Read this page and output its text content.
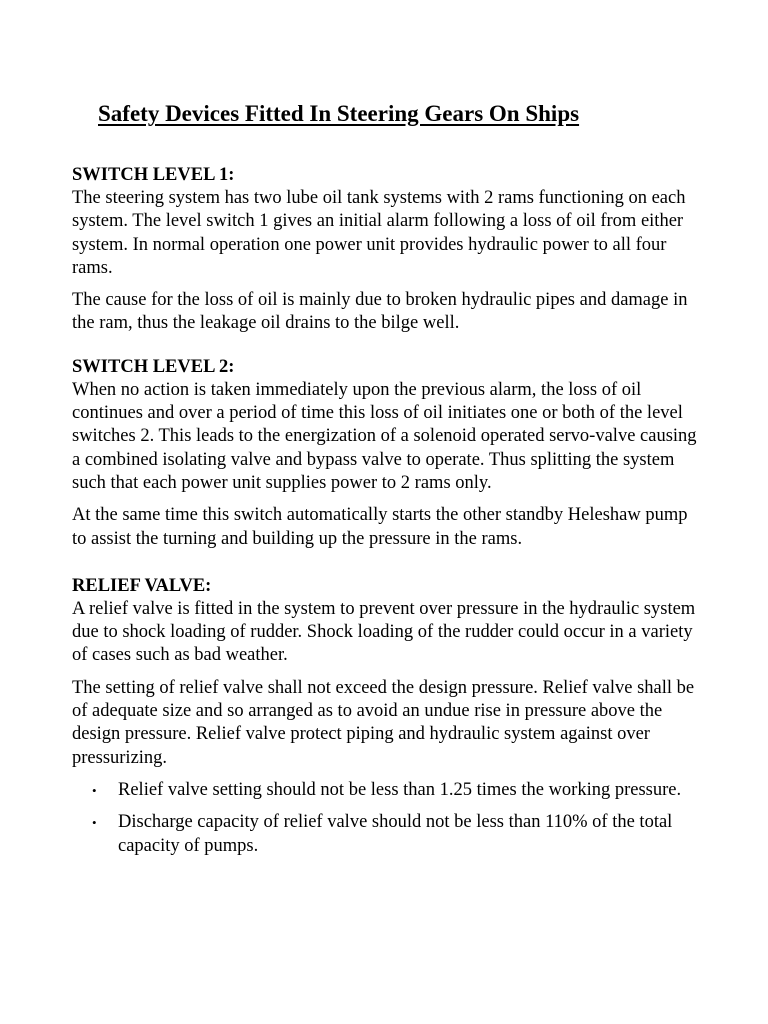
Safety Devices Fitted In Steering Gears On Ships
SWITCH LEVEL 1:

The steering system has two lube oil tank systems with 2 rams functioning on each system. The level switch 1 gives an initial alarm following a loss of oil from either system. In normal operation one power unit provides hydraulic power to all four rams.

The cause for the loss of oil is mainly due to broken hydraulic pipes and damage in the ram, thus the leakage oil drains to the bilge well.

SWITCH LEVEL 2:

When no action is taken immediately upon the previous alarm, the loss of oil continues and over a period of time this loss of oil initiates one or both of the level switches 2. This leads to the energization of a solenoid operated servo-valve causing a combined isolating valve and bypass valve to operate. Thus splitting the system such that each power unit supplies power to 2 rams only.

At the same time this switch automatically starts the other standby Heleshaw pump to assist the turning and building up the pressure in the rams.

RELIEF VALVE:

A relief valve is fitted in the system to prevent over pressure in the hydraulic system due to shock loading of rudder. Shock loading of the rudder could occur in a variety of cases such as bad weather.

The setting of relief valve shall not exceed the design pressure. Relief valve shall be of adequate size and so arranged as to avoid an undue rise in pressure above the design pressure. Relief valve protect piping and hydraulic system against over pressurizing.

• Relief valve setting should not be less than 1.25 times the working pressure.
• Discharge capacity of relief valve should not be less than 110% of the total capacity of pumps.
